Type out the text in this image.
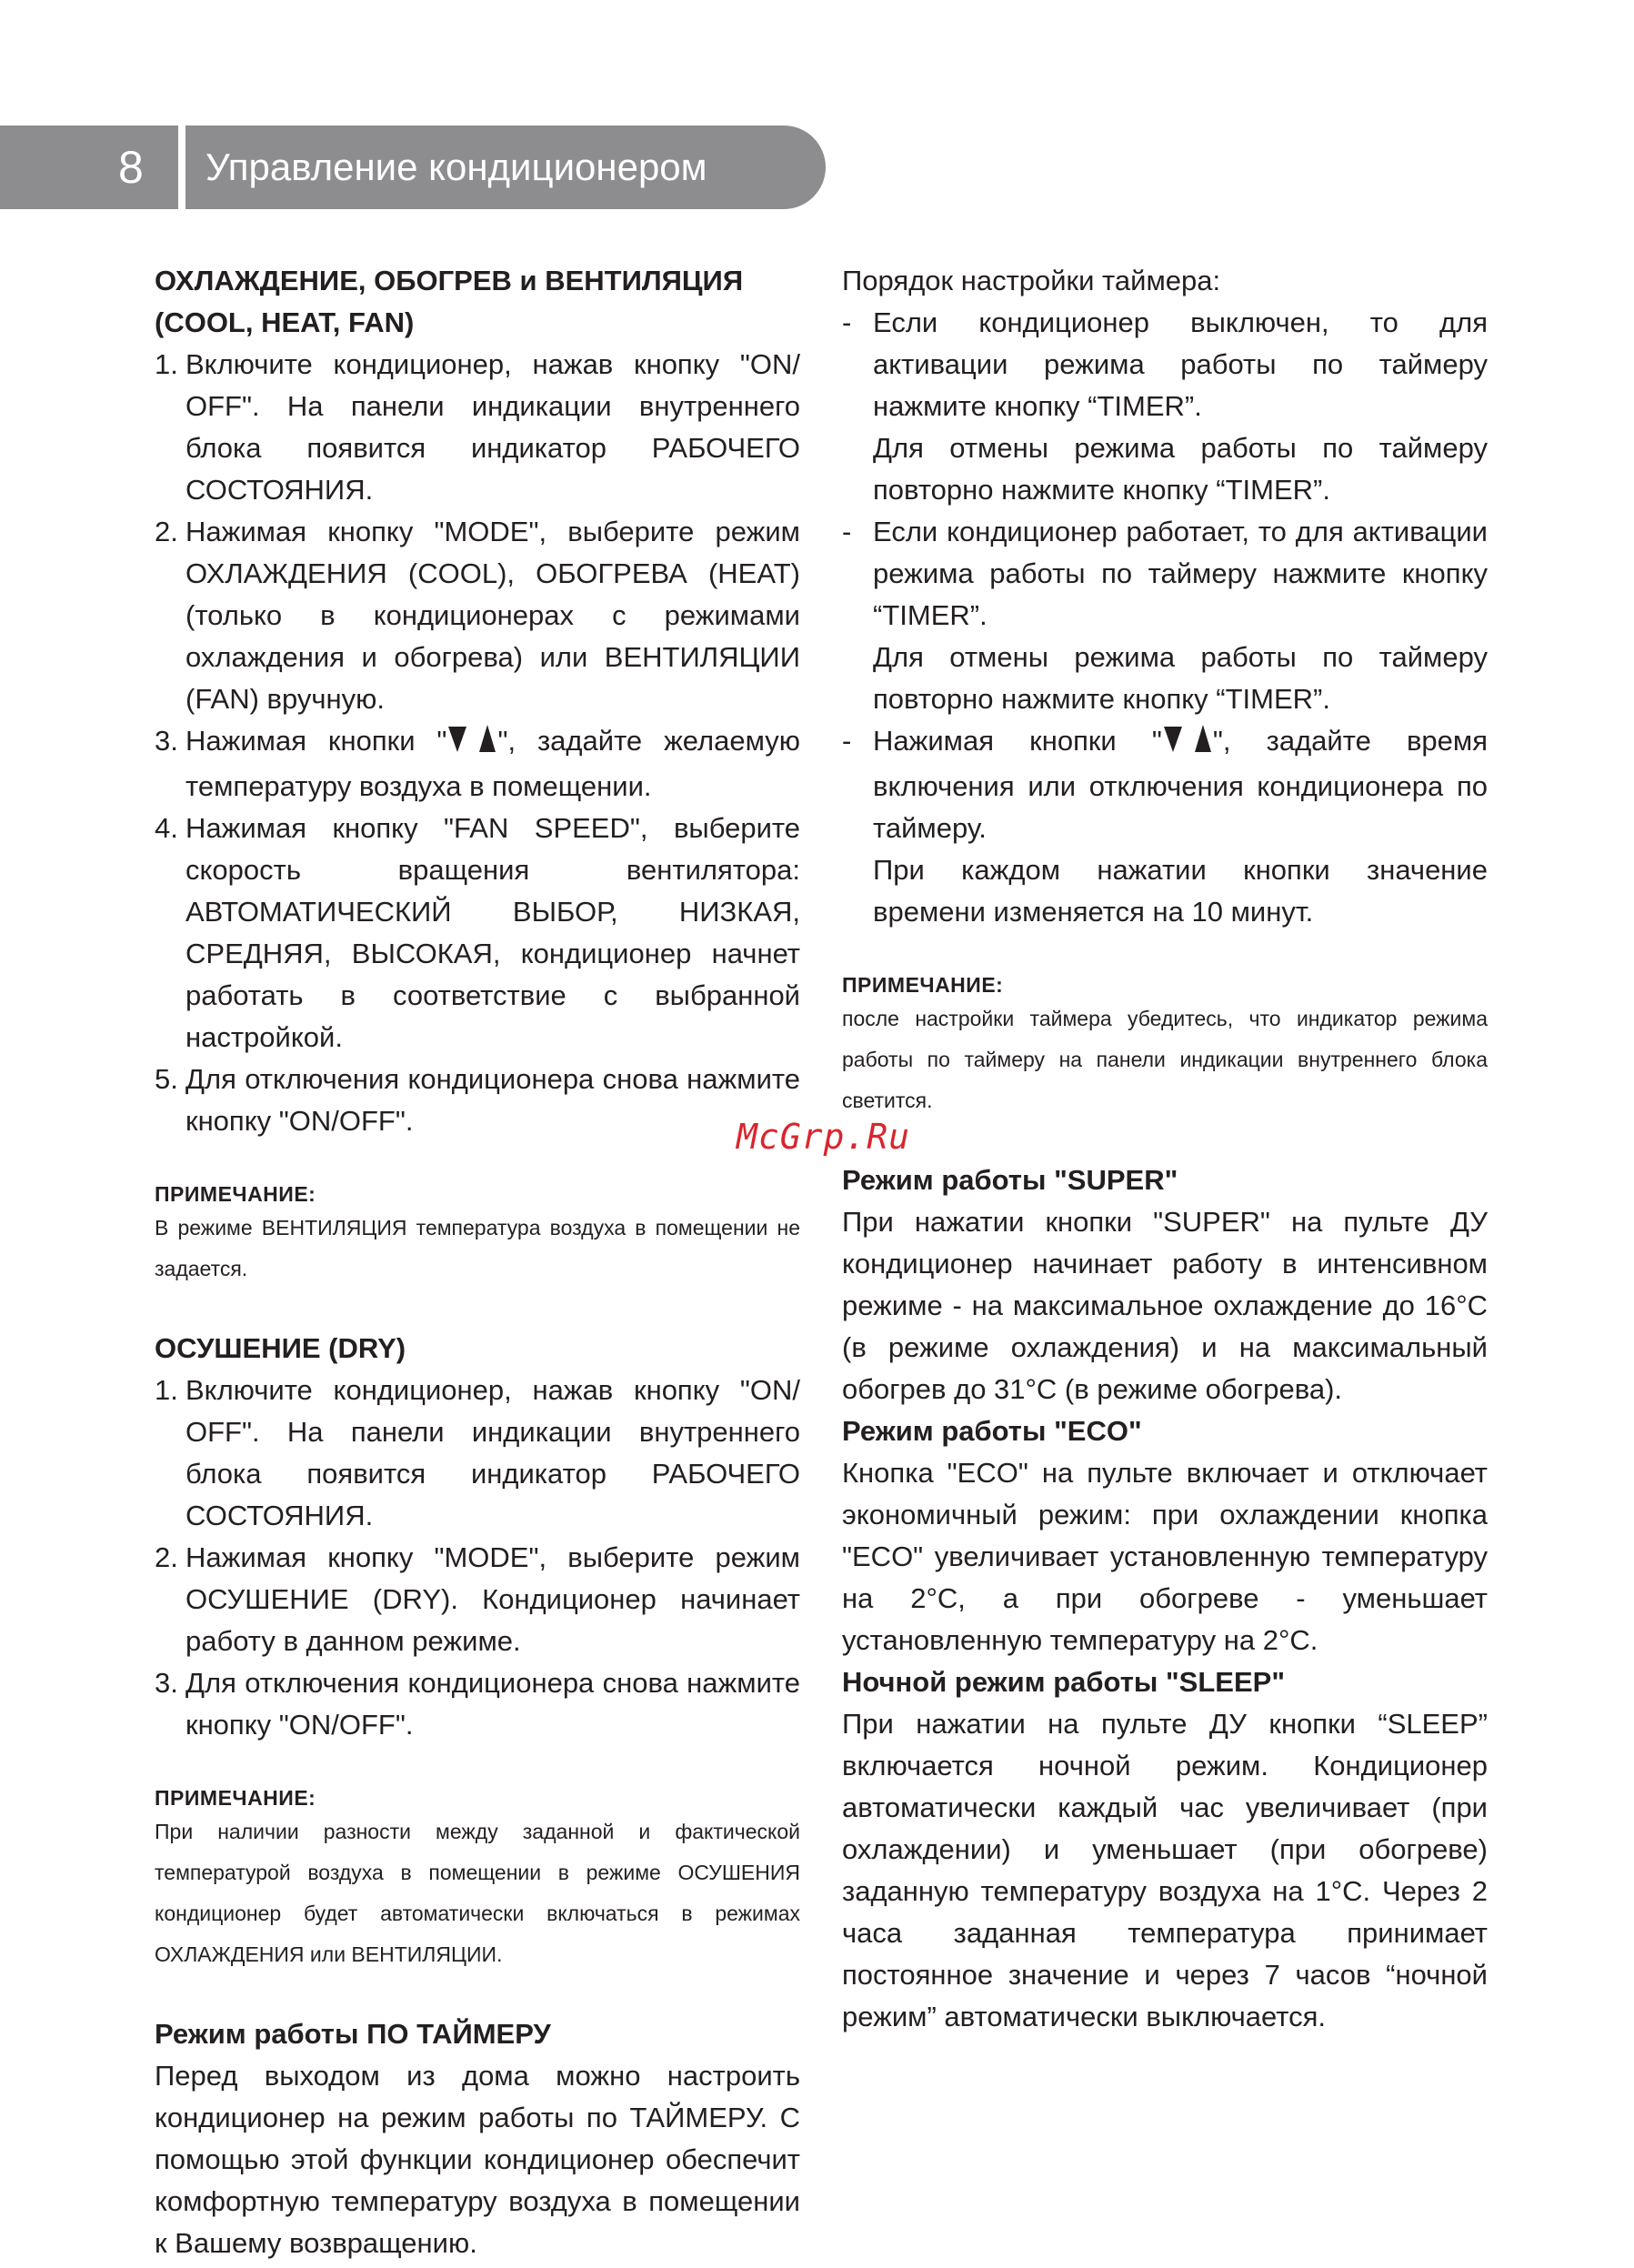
8 Управление кондиционером
ОХЛАЖДЕНИЕ, ОБОГРЕВ и ВЕНТИЛЯЦИЯ
(COOL, HEAT, FAN)
1. Включите кондиционер, нажав кнопку "ON/ OFF". На панели индикации внутреннего блока появится индикатор РАБОЧЕГО СОСТОЯНИЯ.
2. Нажимая кнопку "MODE", выберите режим ОХЛАЖДЕНИЯ (COOL), ОБОГРЕВА (HEAT) (только в кондиционерах с режимами охлаждения и обогрева) или ВЕНТИЛЯЦИИ (FAN) вручную.
3. Нажимая кнопки " ", задайте желаемую температуру воздуха в помещении.
4. Нажимая кнопку "FAN SPEED", выберите скорость вращения вентилятора: АВТОМАТИЧЕСКИЙ ВЫБОР, НИЗКАЯ, СРЕДНЯЯ, ВЫСОКАЯ, кондиционер начнет работать в соответствие с выбранной настройкой.
5. Для отключения кондиционера снова нажмите кнопку "ON/OFF".
ПРИМЕЧАНИЕ:
В режиме ВЕНТИЛЯЦИЯ температура воздуха в помещении не задается.
ОСУШЕНИЕ (DRY)
1. Включите кондиционер, нажав кнопку "ON/ OFF". На панели индикации внутреннего блока появится индикатор РАБОЧЕГО СОСТОЯНИЯ.
2. Нажимая кнопку "MODE", выберите режим ОСУШЕНИЕ (DRY). Кондиционер начинает работу в данном режиме.
3. Для отключения кондиционера снова нажмите кнопку "ON/OFF".
ПРИМЕЧАНИЕ:
При наличии разности между заданной и фактической температурой воздуха в помещении в режиме ОСУШЕНИЯ кондиционер будет автоматически включаться в режимах ОХЛАЖДЕНИЯ или ВЕНТИЛЯЦИИ.
Режим работы ПО ТАЙМЕРУ

Перед выходом из дома можно настроить кондиционер на режим работы по ТАЙМЕРУ. С помощью этой функции кондиционер обеспечит комфортную температуру воздуха в помещении к Вашему возвращению.

Порядок настройки таймера:
- Если кондиционер выключен, то для активации режима работы по таймеру нажмите кнопку “TIMER”.
Для отмены режима работы по таймеру повторно нажмите кнопку “TIMER”.
- Если кондиционер работает, то для активации режима работы по таймеру нажмите кнопку “TIMER”.
Для отмены режима работы по таймеру повторно нажмите кнопку “TIMER”.
- Нажимая кнопки " ", задайте время включения или отключения кондиционера по таймеру.
При каждом нажатии кнопки значение времени изменяется на 10 минут.
ПРИМЕЧАНИЕ:
после настройки таймера убедитесь, что индикатор режима работы по таймеру на панели индикации внутреннего блока светится.
Режим работы "SUPER"

При нажатии кнопки "SUPER" на пульте ДУ кондиционер начинает работу в интенсивном режиме - на максимальное охлаждение до 16°C (в режиме охлаждения) и на максимальный обогрев до 31°C (в режиме обогрева).

Режим работы "ECO"

Кнопка "ECO" на пульте включает и отключает экономичный режим: при охлаждении кнопка "ECO" увеличивает установленную температуру на 2°C, а при обогреве - уменьшает установленную температуру на 2°C.

Ночной режим работы "SLEEP"

При нажатии на пульте ДУ кнопки “SLEEP” включается ночной режим. Кондиционер автоматически каждый час увеличивает (при охлаждении) и уменьшает (при обогреве) заданную температуру воздуха на 1°C. Через 2 часа заданная температура принимает постоянное значение и через 7 часов “ночной режим” автоматически выключается.

McGrp.Ru
